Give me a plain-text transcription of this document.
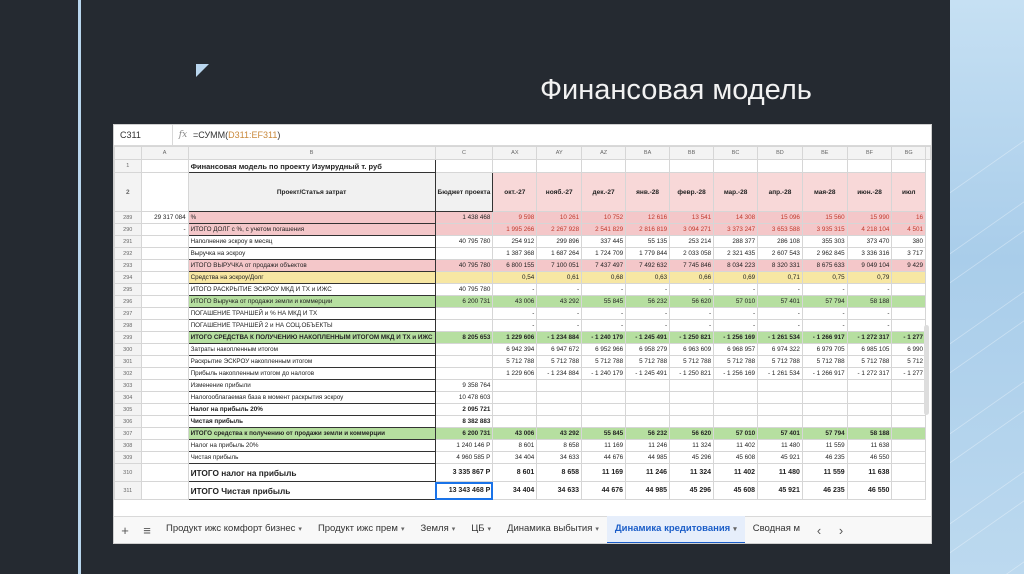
Финансовая модель
C311	fx =СУММ(D311:EF311)
	A	B	C	AX	AY	AZ	BA	BB	BC	BD	BE	BF	BG	
1		Финансовая модель по проекту Изумрудный т. руб												
2		Проект/Статья затрат	Бюджет проекта	окт.-27	нояб.-27	дек.-27	янв.-28	февр.-28	мар.-28	апр.-28	мая-28	июн.-28	июл	
289	29 317 084	%	1 438 468	9 598	10 261	10 752	12 616	13 541	14 308	15 096	15 560	15 990	16	
290	-	ИТОГО ДОЛГ с %, с учетом погашения		1 995 266	2 267 928	2 541 829	2 816 819	3 094 271	3 373 247	3 653 588	3 935 315	4 218 104	4 501	
291		Наполнение эскроу в месяц	40 795 780	254 912	299 896	337 445	55 135	253 214	288 377	286 108	355 303	373 470	380	
292		Выручка на эскроу		1 387 368	1 687 264	1 724 709	1 779 844	2 033 058	2 321 435	2 607 543	2 962 845	3 336 316	3 717	
293		ИТОГО ВЫРУЧКА от продажи объектов	40 795 780	6 800 155	7 100 051	7 437 497	7 492 632	7 745 846	8 034 223	8 320 331	8 675 633	9 049 104	9 429	
294		Средства на эскроу/Долг		0,54	0,61	0,68	0,63	0,66	0,69	0,71	0,75	0,79		
295		ИТОГО РАСКРЫТИЕ ЭСКРОУ МКД И ТХ и ИЖС	40 795 780	-	-	-	-	-	-	-	-	-		
296		ИТОГО Выручка от продажи земли и коммерции	6 200 731	43 006	43 292	55 845	56 232	56 620	57 010	57 401	57 794	58 188		
297		ПОГАШЕНИЕ ТРАНШЕЙ и % НА МКД И ТХ		-	-	-	-	-	-	-	-	-		
298		ПОГАШЕНИЕ ТРАНШЕЙ 2 и НА СОЦ.ОБЪЕКТЫ		-	-	-	-	-	-	-	-	-		
299		ИТОГО СРЕДСТВА К ПОЛУЧЕНИЮ НАКОПЛЕННЫМ ИТОГОМ МКД И ТХ и ИЖС	8 205 653	1 229 606	- 1 234 884	- 1 240 179	- 1 245 491	- 1 250 821	- 1 256 169	- 1 261 534	- 1 266 917	- 1 272 317	- 1 277	
300		Затраты накопленным итогом		6 942 394	6 947 672	6 952 966	6 958 279	6 963 609	6 968 957	6 974 322	6 979 705	6 985 105	6 990	
301		Раскрытие ЭСКРОУ накопленным итогом		5 712 788	5 712 788	5 712 788	5 712 788	5 712 788	5 712 788	5 712 788	5 712 788	5 712 788	5 712	
302		Прибыль накопленным итогом до налогов		1 229 606	- 1 234 884	- 1 240 179	- 1 245 491	- 1 250 821	- 1 256 169	- 1 261 534	- 1 266 917	- 1 272 317	- 1 277	
303		Изменение прибыли	9 358 764											
304		Налогооблагаемая база в момент раскрытия эскроу	10 478 603											
305		Налог на прибыль 20%	2 095 721											
306		Чистая прибыль	8 382 883											
307		ИТОГО средства к получению от продажи земли и коммерции	6 200 731	43 006	43 292	55 845	56 232	56 620	57 010	57 401	57 794	58 188		
308		Налог на прибыль 20%	1 240 146 Р	8 601	8 658	11 169	11 246	11 324	11 402	11 480	11 559	11 638		
309		Чистая прибыль	4 960 585 Р	34 404	34 633	44 676	44 985	45 296	45 608	45 921	46 235	46 550		
310		ИТОГО налог на прибыль	3 335 867 Р	8 601	8 658	11 169	11 246	11 324	11 402	11 480	11 559	11 638		
311		ИТОГО Чистая прибыль	13 343 468 Р	34 404	34 633	44 676	44 985	45 296	45 608	45 921	46 235	46 550		
+	≡	Продукт ижс комфорт бизнес ▾	Продукт ижс прем ▾	Земля ▾	ЦБ ▾	Динамика выбытия ▾	Динамика кредитования ▾	Сводная м	‹	›
